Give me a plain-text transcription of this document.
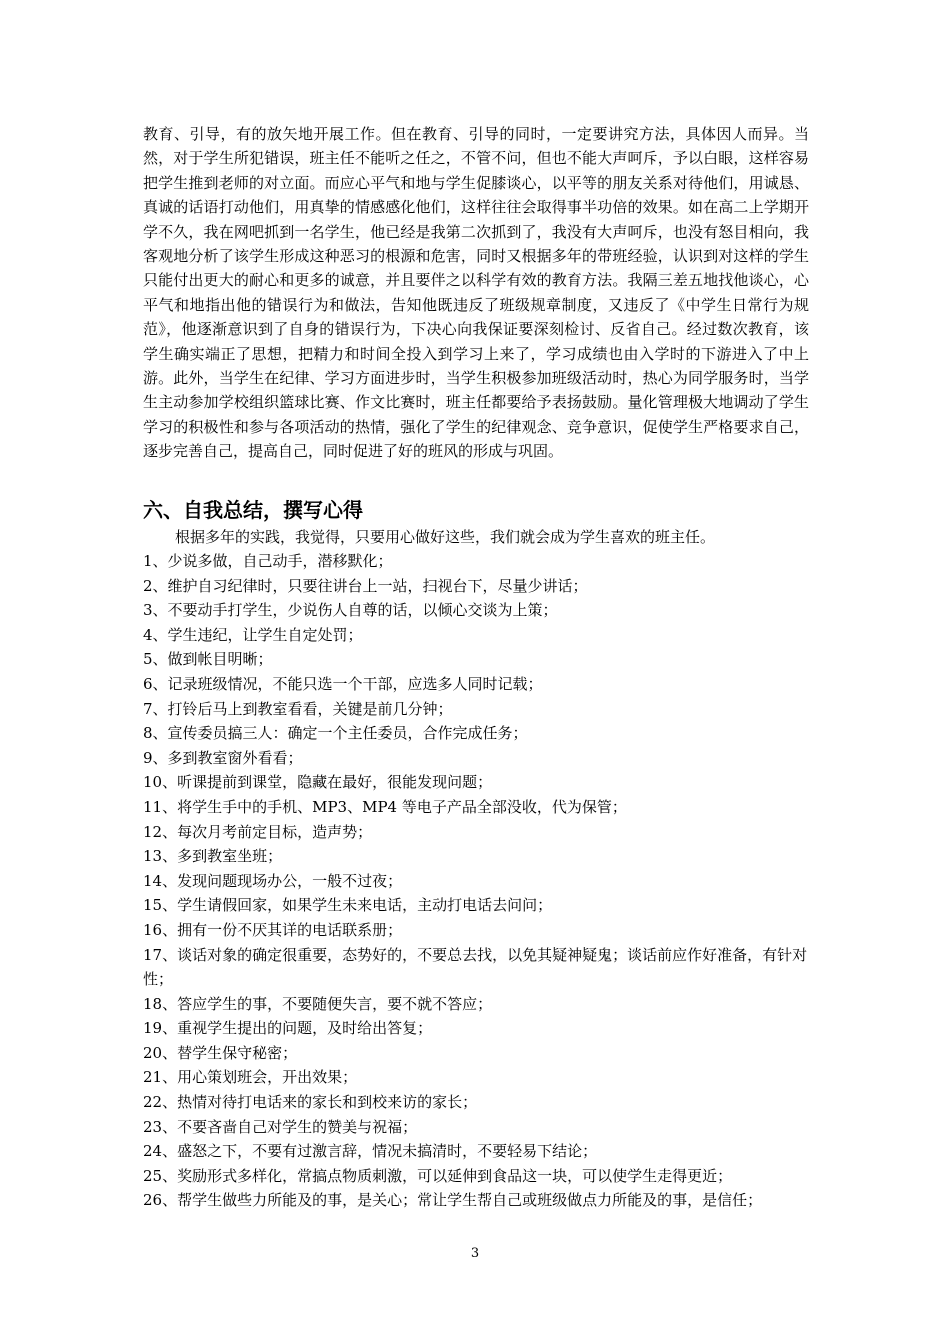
教育、引导，有的放矢地开展工作。但在教育、引导的同时，一定要讲究方法，具体因人而异。当然，对于学生所犯错误，班主任不能听之任之，不管不问，但也不能大声呵斥，予以白眼，这样容易把学生推到老师的对立面。而应心平气和地与学生促膝谈心，以平等的朋友关系对待他们，用诚恳、真诚的话语打动他们，用真挚的情感感化他们，这样往往会取得事半功倍的效果。如在高二上学期开学不久，我在网吧抓到一名学生，他已经是我第二次抓到了，我没有大声呵斥，也没有怒目相向，我客观地分析了该学生形成这种恶习的根源和危害，同时又根据多年的带班经验，认识到对这样的学生只能付出更大的耐心和更多的诚意，并且要伴之以科学有效的教育方法。我隔三差五地找他谈心，心平气和地指出他的错误行为和做法，告知他既违反了班级规章制度，又违反了《中学生日常行为规范》，他逐渐意识到了自身的错误行为，下决心向我保证要深刻检讨、反省自己。经过数次教育，该学生确实端正了思想，把精力和时间全投入到学习上来了，学习成绩也由入学时的下游进入了中上游。此外，当学生在纪律、学习方面进步时，当学生积极参加班级活动时，热心为同学服务时，当学生主动参加学校组织篮球比赛、作文比赛时，班主任都要给予表扬鼓励。量化管理极大地调动了学生学习的积极性和参与各项活动的热情，强化了学生的纪律观念、竞争意识，促使学生严格要求自己，逐步完善自己，提高自己，同时促进了好的班风的形成与巩固。
六、自我总结，撰写心得
根据多年的实践，我觉得，只要用心做好这些，我们就会成为学生喜欢的班主任。
1、少说多做，自己动手，潜移默化；
2、维护自习纪律时，只要往讲台上一站，扫视台下，尽量少讲话；
3、不要动手打学生，少说伤人自尊的话，以倾心交谈为上策；
4、学生违纪，让学生自定处罚；
5、做到帐目明晰；
6、记录班级情况，不能只选一个干部，应选多人同时记载；
7、打铃后马上到教室看看，关键是前几分钟；
8、宣传委员搞三人：确定一个主任委员，合作完成任务；
9、多到教室窗外看看；
10、听课提前到课堂，隐藏在最好，很能发现问题；
11、将学生手中的手机、MP3、MP4 等电子产品全部没收，代为保管；
12、每次月考前定目标，造声势；
13、多到教室坐班；
14、发现问题现场办公，一般不过夜；
15、学生请假回家，如果学生未来电话，主动打电话去问问；
16、拥有一份不厌其详的电话联系册；
17、谈话对象的确定很重要，态势好的，不要总去找，以免其疑神疑鬼；谈话前应作好准备，有针对性；
18、答应学生的事，不要随便失言，要不就不答应；
19、重视学生提出的问题，及时给出答复；
20、替学生保守秘密；
21、用心策划班会，开出效果；
22、热情对待打电话来的家长和到校来访的家长；
23、不要吝啬自己对学生的赞美与祝福；
24、盛怒之下，不要有过激言辞，情况未搞清时，不要轻易下结论；
25、奖励形式多样化，常搞点物质刺激，可以延伸到食品这一块，可以使学生走得更近；
26、帮学生做些力所能及的事，是关心；常让学生帮自己或班级做点力所能及的事，是信任；
3
